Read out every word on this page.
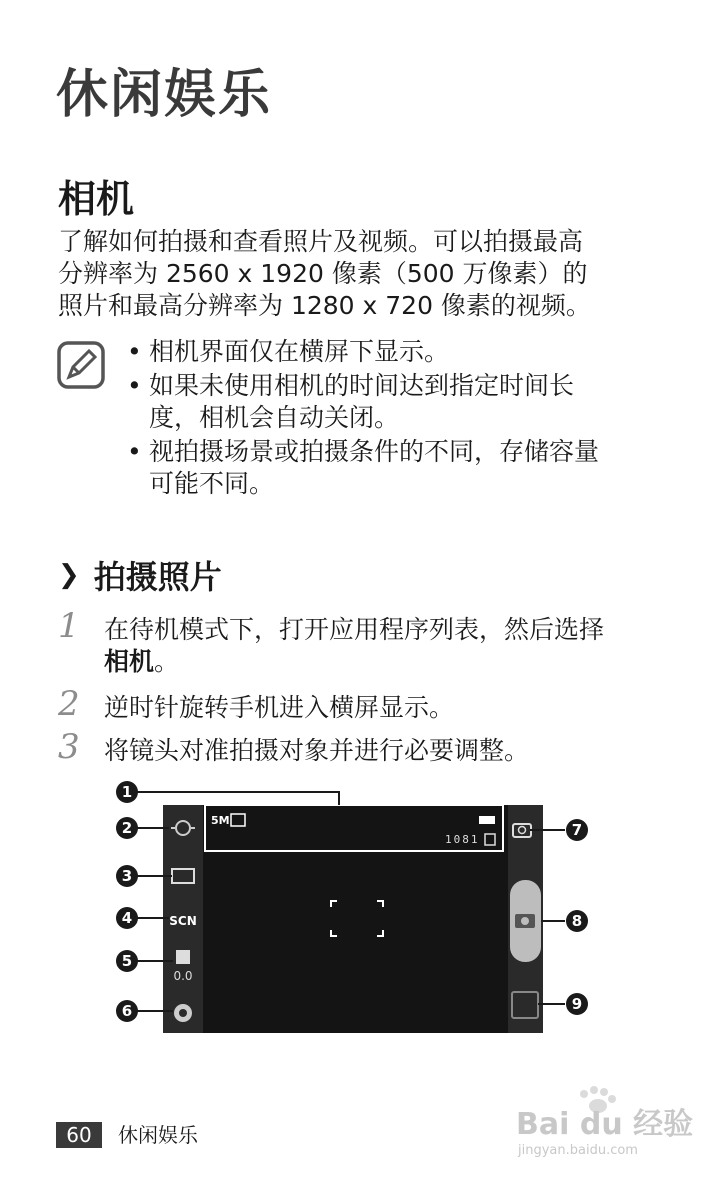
休闲娱乐
相机
了解如何拍摄和查看照片及视频。可以拍摄最高
分辨率为 2560 x 1920 像素（500 万像素）的
照片和最高分辨率为 1280 x 720 像素的视频。
• 相机界面仅在横屏下显示。
• 如果未使用相机的时间达到指定时间长
度，相机会自动关闭。
• 视拍摄场景或拍摄条件的不同，存储容量
可能不同。
❯ 拍摄照片
1 在待机模式下，打开应用程序列表，然后选择
相机。
2 逆时针旋转手机进入横屏显示。
3 将镜头对准拍摄对象并进行必要调整。
5M
1081
SCN
0.0
1
2
3
4
5
6
7
8
9
60	休闲娱乐	Bai du 经验
jingyan.baidu.com
